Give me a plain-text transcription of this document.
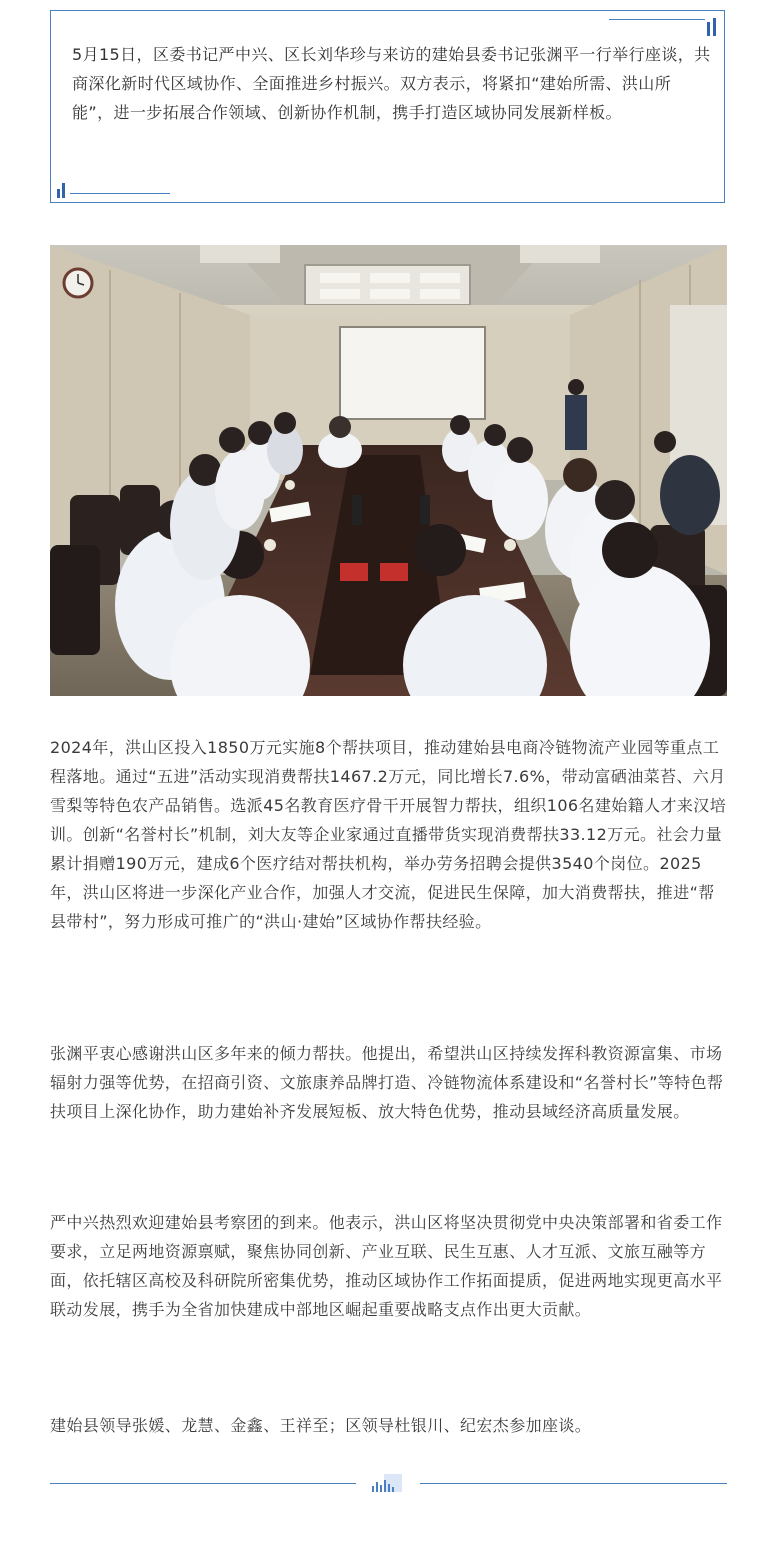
5月15日，区委书记严中兴、区长刘华珍与来访的建始县委书记张渊平一行举行座谈，共商深化新时代区域协作、全面推进乡村振兴。双方表示，将紧扣“建始所需、洪山所能”，进一步拓展合作领域、创新协作机制，携手打造区域协同发展新样板。

2024年，洪山区投入1850万元实施8个帮扶项目，推动建始县电商冷链物流产业园等重点工程落地。通过“五进”活动实现消费帮扶1467.2万元，同比增长7.6%，带动富硒油菜苔、六月雪梨等特色农产品销售。选派45名教育医疗骨干开展智力帮扶，组织106名建始籍人才来汉培训。创新“名誉村长”机制，刘大友等企业家通过直播带货实现消费帮扶33.12万元。社会力量累计捐赠190万元，建成6个医疗结对帮扶机构，举办劳务招聘会提供3540个岗位。2025年，洪山区将进一步深化产业合作，加强人才交流，促进民生保障，加大消费帮扶，推进“帮县带村”，努力形成可推广的“洪山·建始”区域协作帮扶经验。

张渊平衷心感谢洪山区多年来的倾力帮扶。他提出，希望洪山区持续发挥科教资源富集、市场辐射力强等优势，在招商引资、文旅康养品牌打造、冷链物流体系建设和“名誉村长”等特色帮扶项目上深化协作，助力建始补齐发展短板、放大特色优势，推动县域经济高质量发展。

严中兴热烈欢迎建始县考察团的到来。他表示，洪山区将坚决贯彻党中央决策部署和省委工作要求，立足两地资源禀赋，聚焦协同创新、产业互联、民生互惠、人才互派、文旅互融等方面，依托辖区高校及科研院所密集优势，推动区域协作工作拓面提质，促进两地实现更高水平联动发展，携手为全省加快建成中部地区崛起重要战略支点作出更大贡献。

建始县领导张媛、龙慧、金鑫、王祥至；区领导杜银川、纪宏杰参加座谈。
